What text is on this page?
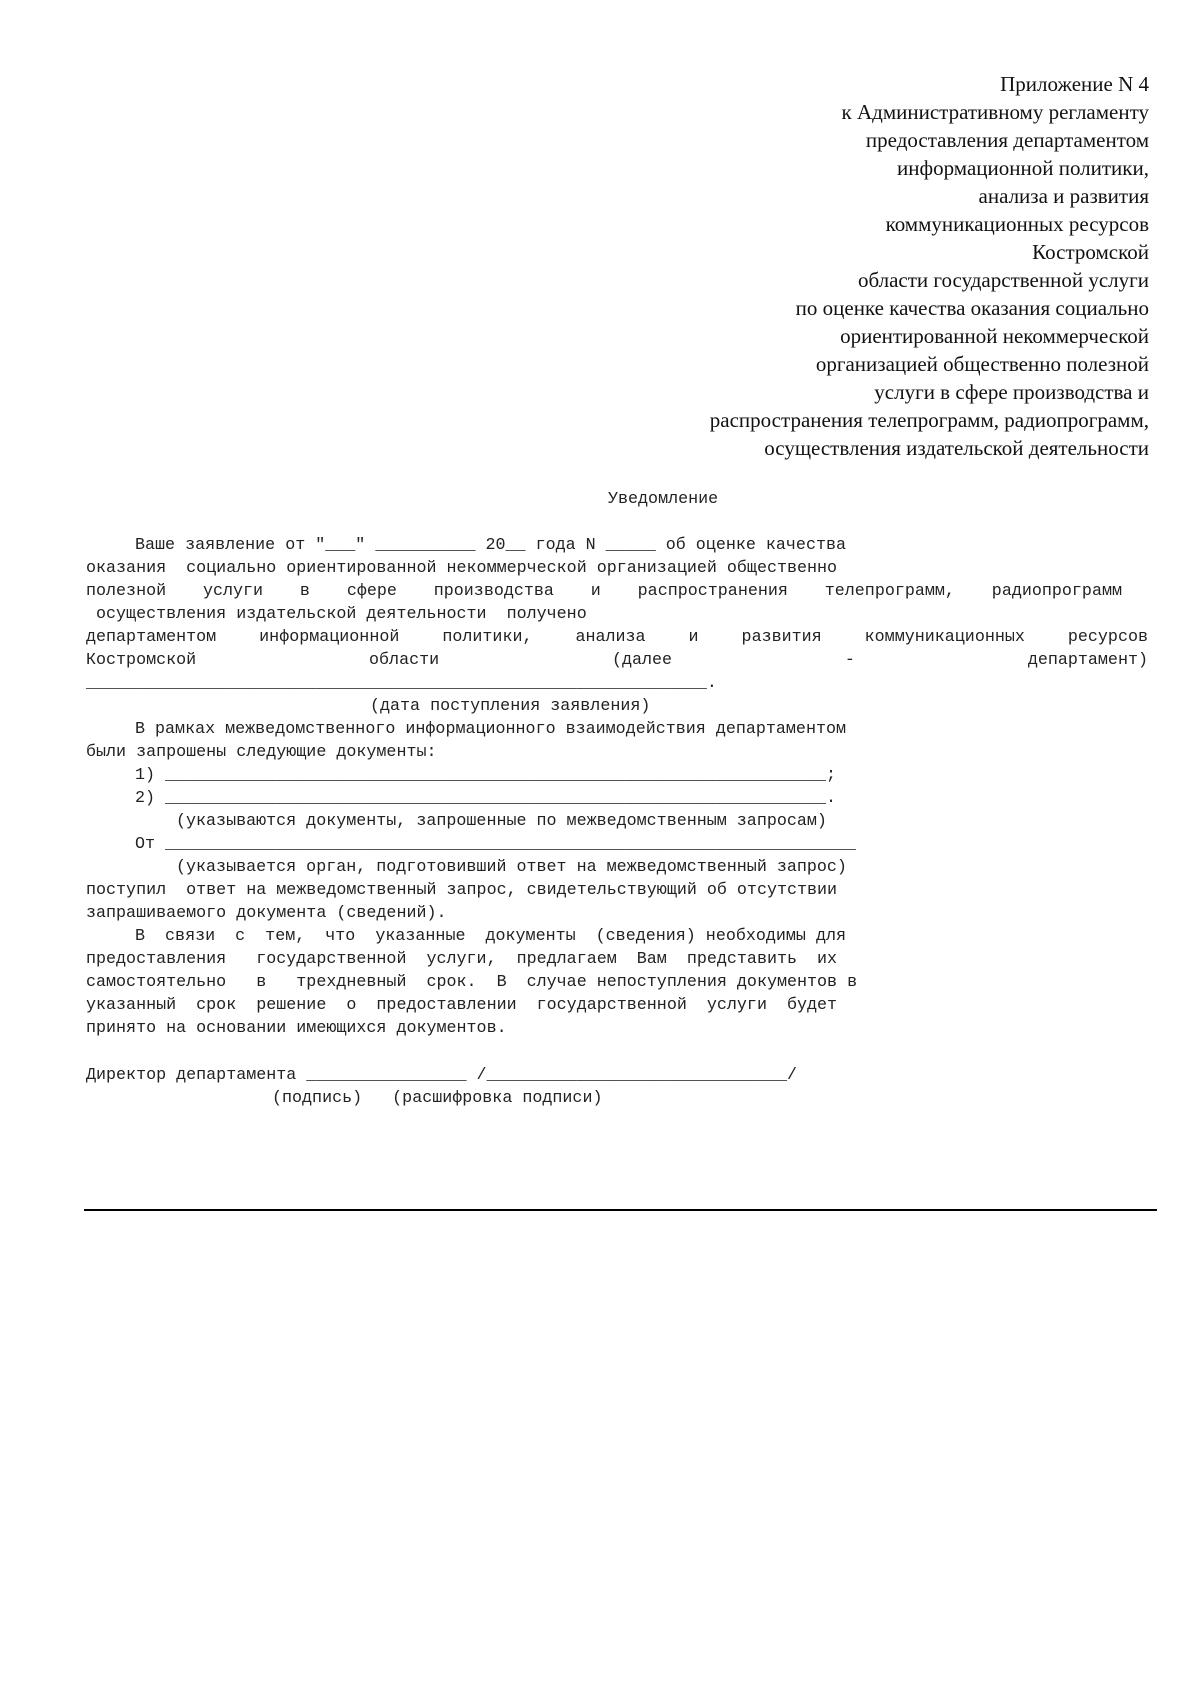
Приложение N 4
к Административному регламенту
предоставления департаментом
информационной политики,
анализа и развития
коммуникационных ресурсов
Костромской
области государственной услуги
по оценке качества оказания социально
ориентированной некоммерческой
организацией общественно полезной
услуги в сфере производства и
распространения телепрограмм, радиопрограмм,
осуществления издательской деятельности
Уведомление
Ваше заявление от "___" __________ 20__ года N _____ об оценке качества
оказания  социально ориентированной некоммерческой организацией общественно
полезной услуги в сфере производства и распространения телепрограмм, радиопрограмм
осуществления издательской деятельности  получено
департаментом информационной политики, анализа и развития коммуникационных ресурсов
Костромской области (далее - департамент)
______________________________________________________________.
(дата поступления заявления)
В рамках межведомственного информационного взаимодействия департаментом
были запрошены следующие документы:
1) __________________________________________________________________;
2) __________________________________________________________________.
(указываются документы, запрошенные по межведомственным запросам)
От _____________________________________________________________________
(указывается орган, подготовивший ответ на межведомственный запрос)
поступил  ответ на межведомственный запрос, свидетельствующий об отсутствии
запрашиваемого документа (сведений).
В  связи  с  тем,  что  указанные  документы  (сведения) необходимы для
предоставления   государственной  услуги,  предлагаем  Вам  представить  их
самостоятельно   в   трехдневный  срок.  В  случае непоступления документов в
указанный  срок  решение  о  предоставлении  государственной  услуги  будет
принято на основании имеющихся документов.
Директор департамента ________________ /______________________________/
(подпись)   (расшифровка подписи)
